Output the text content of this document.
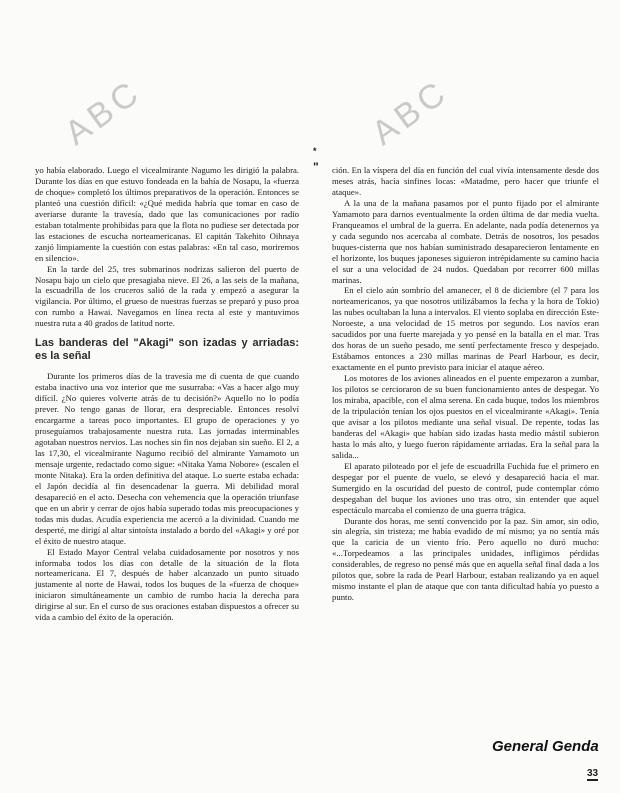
ABC	ABC
*
"

yo había elaborado. Luego el vicealmirante Nagumo les dirigió la palabra. Durante los días en que estuvo fondeada en la bahía de Nosapu, la «fuerza de choque» completó los últimos preparativos de la operación. Entonces se planteó una cuestión difícil: «¿Qué medida habría que tomar en caso de averiarse durante la travesía, dado que las comunicaciones por radio estaban totalmente prohibidas para que la flota no pudiese ser detectada por las estaciones de escucha norteamericanas. El capitán Takehito Oihnaya zanjó limpiamente la cuestión con estas palabras: «En tal caso, moriremos en silencio».

En la tarde del 25, tres submarinos nodrizas salieron del puerto de Nosapu bajo un cielo que presagiaba nieve. El 26, a las seis de la mañana, la escuadrilla de los cruceros salió de la rada y empezó a asegurar la vigilancia. Por último, el grueso de nuestras fuerzas se preparó y puso proa con rumbo a Hawai. Navegamos en línea recta al este y mantuvimos nuestra ruta a 40 grados de latitud norte.

Las banderas del "Akagi" son izadas y arriadas: es la señal

Durante los primeros días de la travesía me di cuenta de que cuando estaba inactivo una voz interior que me susurraba: «Vas a hacer algo muy difícil. ¿No quieres volverte atrás de tu decisión?» Aquello no lo podía prever. No tengo ganas de llorar, era despreciable. Entonces resolví encargarme a tareas poco importantes. El grupo de operaciones y yo proseguíamos trabajosamente nuestra ruta. Las jornadas interminables agotaban nuestros nervios. Las noches sin fin nos dejaban sin sueño. El 2, a las 17,30, el vicealmirante Nagumo recibió del almirante Yamamoto un mensaje urgente, redactado como sigue: «Nitaka Yama Nobore» (escalen el monte Nitaka). Era la orden definitiva del ataque. Lo suerte estaba echada: el Japón decidía al fin desencadenar la guerra. Mi debilidad moral desapareció en el acto. Desecha con vehemencia que la operación triunfase que en un abrir y cerrar de ojos había superado todas mis preocupaciones y todas mis dudas. Acudía experiencia me acercó a la divinidad. Cuando me desperté, me dirigí al altar sintoísta instalado a bordo del «Akagi» y oré por el éxito de nuestro ataque.

El Estado Mayor Central velaba cuidadosamente por nosotros y nos informaba todos los días con detalle de la situación de la flota norteamericana. El 7, después de haber alcanzado un punto situado justamente al norte de Hawai, todos los buques de la «fuerza de choque» iniciaron simultáneamente un cambio de rumbo hacia la derecha para dirigirse al sur. En el curso de sus oraciones estaban dispuestos a ofrecer su vida a cambio del éxito de la operación.

ción. En la víspera del día en función del cual vivía intensamente desde dos meses atrás, hacía sinfines locas: «Matadme, pero hacer que triunfe el ataque».

A la una de la mañana pasamos por el punto fijado por el almirante Yamamoto para darnos eventualmente la orden última de dar media vuelta. Franqueamos el umbral de la guerra. En adelante, nada podía detenernos ya y cada segundo nos acercaba al combate. Detrás de nosotros, los pesados buques-cisterna que nos habían suministrado desaparecieron lentamente en el horizonte, los buques japoneses siguieron intrépidamente su camino hacia el sur a una velocidad de 24 nudos. Quedaban por recorrer 600 millas marinas.

En el cielo aún sombrío del amanecer, el 8 de diciembre (el 7 para los norteamericanos, ya que nosotros utilizábamos la fecha y la hora de Tokio) las nubes ocultaban la luna a intervalos. El viento soplaba en dirección Este-Noroeste, a una velocidad de 15 metros por segundo. Los navíos eran sacudidos por una fuerte marejada y yo pensé en la batalla en el mar. Tras dos horas de un sueño pesado, me sentí perfectamente fresco y despejado. Estábamos entonces a 230 millas marinas de Pearl Harbour, es decir, exactamente en el punto previsto para iniciar el ataque aéreo.

Los motores de los aviones alineados en el puente empezaron a zumbar, los pilotos se cercioraron de su buen funcionamiento antes de despegar. Yo los miraba, apacible, con el alma serena. En cada buque, todos los miembros de la tripulación tenían los ojos puestos en el vicealmirante «Akagi». Tenía que avisar a los pilotos mediante una señal visual. De repente, todas las banderas del «Akagi» que habían sido izadas hasta medio mástil subieron hasta lo más alto, y luego fueron rápidamente arriadas. Era la señal para la salida...

El aparato piloteado por el jefe de escuadrilla Fuchida fue el primero en despegar por el puente de vuelo, se elevó y desapareció hacia el mar. Sumergido en la oscuridad del puesto de control, pude contemplar cómo despegaban del buque los aviones uno tras otro, sin entender que aquel espectáculo marcaba el comienzo de una guerra trágica.

Durante dos horas, me sentí convencido por la paz. Sin amor, sin odio, sin alegría, sin tristeza; me había evadido de mí mismo; ya no sentía más que la caricia de un viento frío. Pero aquello no duró mucho: «...Torpedeamos a las principales unidades, infligimos pérdidas considerables, de regreso no pensé más que en aquella señal final dada a los pilotos que, sobre la rada de Pearl Harbour, estaban realizando ya en aquel mismo instante el plan de ataque que con tanta dificultad había yo puesto a punto.

General Genda
33
